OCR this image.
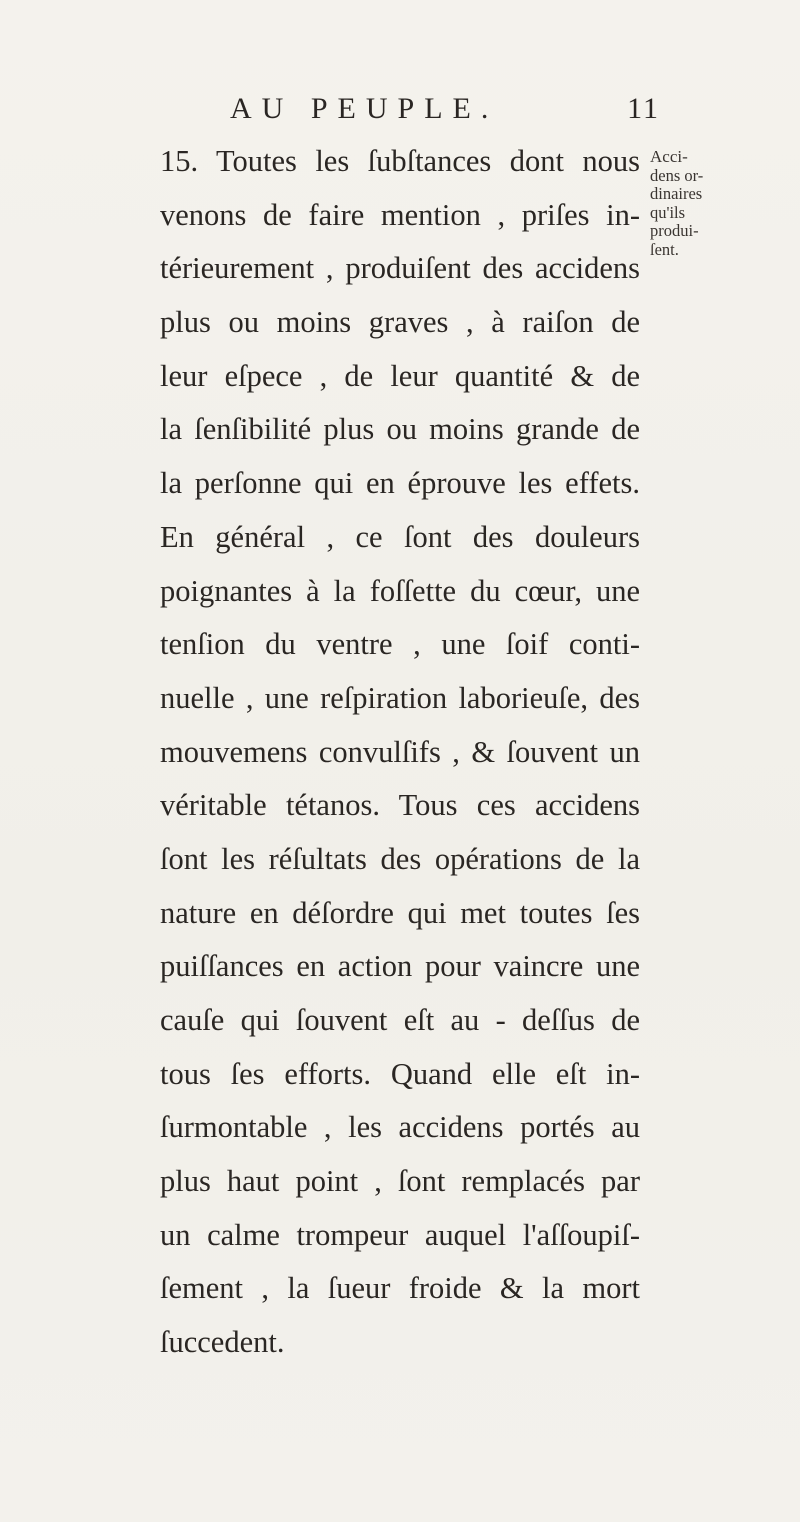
AU PEUPLE.	11
15. Toutes les ſubſtances dont nous
venons de faire mention , priſes in-
térieurement , produiſent des accidens
plus ou moins graves , à raiſon de
leur eſpece , de leur quantité & de
la ſenſibilité plus ou moins grande de
la perſonne qui en éprouve les effets.
En général , ce ſont des douleurs
poignantes à la foſſette du cœur, une
tenſion du ventre , une ſoif conti-
nuelle , une reſpiration laborieuſe, des
mouvemens convulſifs , & ſouvent un
véritable tétanos. Tous ces accidens
ſont les réſultats des opérations de la
nature en déſordre qui met toutes ſes
puiſſances en action pour vaincre une
cauſe qui ſouvent eſt au - deſſus de
tous ſes efforts. Quand elle eſt in-
ſurmontable , les accidens portés au
plus haut point , ſont remplacés par
un calme trompeur auquel l'aſſoupiſ-
ſement , la ſueur froide & la mort
ſuccedent.
Acci-
dens or-
dinaires
qu'ils
produi-
ſent.
